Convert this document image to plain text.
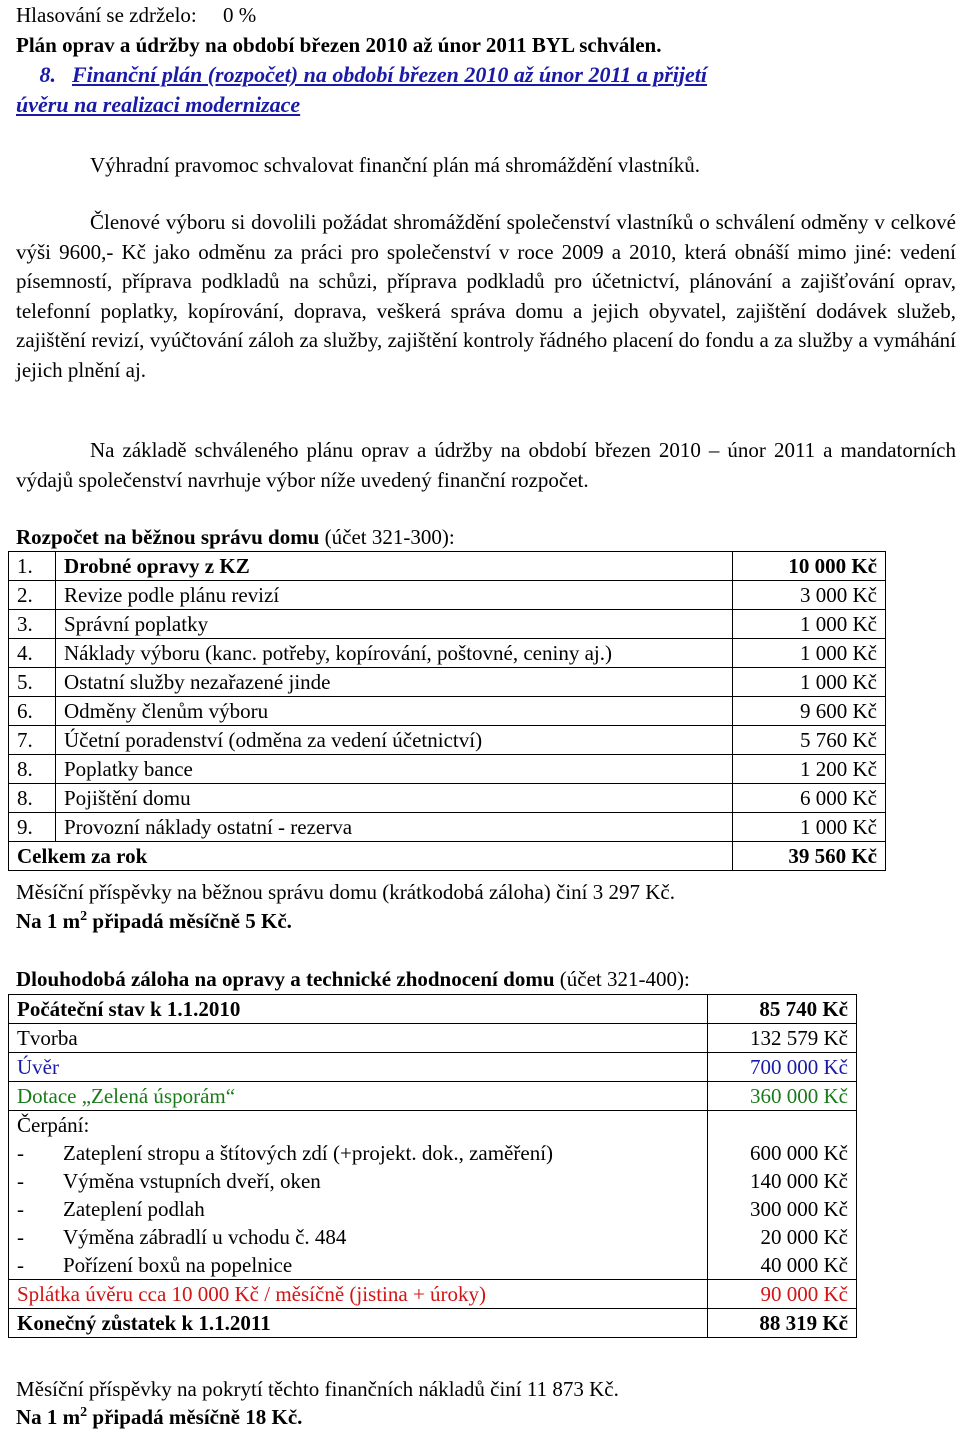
Hlasování se zdrželo: 0 %
Plán oprav a údržby na období březen 2010 až únor 2011 BYL schválen.
8. Finanční plán (rozpočet) na období březen 2010 až únor 2011 a přijetí
úvěru na realizaci modernizace
Výhradní pravomoc schvalovat finanční plán má shromáždění vlastníků.
Členové výboru si dovolili požádat shromáždění společenství vlastníků o schválení odměny v celkové výši 9600,- Kč jako odměnu za práci pro společenství v roce 2009 a 2010, která obnáší mimo jiné: vedení písemností, příprava podkladů na schůzi, příprava podkladů pro účetnictví, plánování a zajišťování oprav, telefonní poplatky, kopírování, doprava, veškerá správa domu a jejich obyvatel, zajištění dodávek služeb, zajištění revizí, vyúčtování záloh za služby, zajištění kontroly řádného placení do fondu a za služby a vymáhání jejich plnění aj.
Na základě schváleného plánu oprav a údržby na období březen 2010 – únor 2011 a mandatorních výdajů společenství navrhuje výbor níže uvedený finanční rozpočet.
Rozpočet na běžnou správu domu (účet 321-300):
1.	Drobné opravy z KZ	10 000 Kč
2.	Revize podle plánu revizí	3 000 Kč
3.	Správní poplatky	1 000 Kč
4.	Náklady výboru (kanc. potřeby, kopírování, poštovné, ceniny aj.)	1 000 Kč
5.	Ostatní služby nezařazené jinde	1 000 Kč
6.	Odměny členům výboru	9 600 Kč
7.	Účetní poradenství (odměna za vedení účetnictví)	5 760 Kč
8.	Poplatky bance	1 200 Kč
8.	Pojištění domu	6 000 Kč
9.	Provozní náklady ostatní - rezerva	1 000 Kč
Celkem za rok		39 560 Kč
Měsíční příspěvky na běžnou správu domu (krátkodobá záloha) činí 3 297 Kč.
Na 1 $m^2$ připadá měsíčně 5 Kč.
Dlouhodobá záloha na opravy a technické zhodnocení domu (účet 321-400):
Počáteční stav k 1.1.2010	85 740 Kč
Tvorba	132 579 Kč
Úvěr	700 000 Kč
Dotace „Zelená úsporám“	360 000 Kč
Čerpání:	
- Zateplení stropu a štítových zdí (+projekt. dok., zaměření)	600 000 Kč
- Výměna vstupních dveří, oken	140 000 Kč
- Zateplení podlah	300 000 Kč
- Výměna zábradlí u vchodu č. 484	20 000 Kč
- Pořízení boxů na popelnice	40 000 Kč
Splátka úvěru cca 10 000 Kč / měsíčně (jistina + úroky)	90 000 Kč
Konečný zůstatek k 1.1.2011	88 319 Kč
Měsíční příspěvky na pokrytí těchto finančních nákladů činí 11 873 Kč.
Na 1 $m^2$ připadá měsíčně 18 Kč.
